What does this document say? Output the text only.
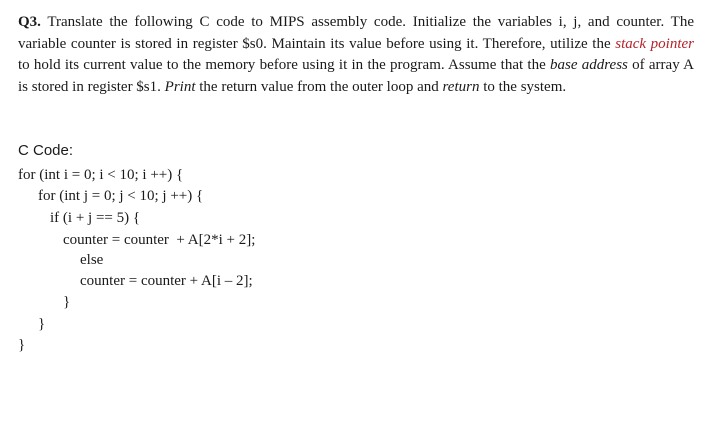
Q3. Translate the following C code to MIPS assembly code. Initialize the variables i, j, and counter. The variable counter is stored in register $s0. Maintain its value before using it. Therefore, utilize the stack pointer to hold its current value to the memory before using it in the program. Assume that the base address of array A is stored in register $s1. Print the return value from the outer loop and return to the system.

C Code:

for (int i = 0; i < 10; i ++) {

for (int j = 0; j < 10; j ++) {

if (i + j == 5) {

counter = counter  + A[2*i + 2];

else

counter = counter + A[i – 2];

}

}

}
